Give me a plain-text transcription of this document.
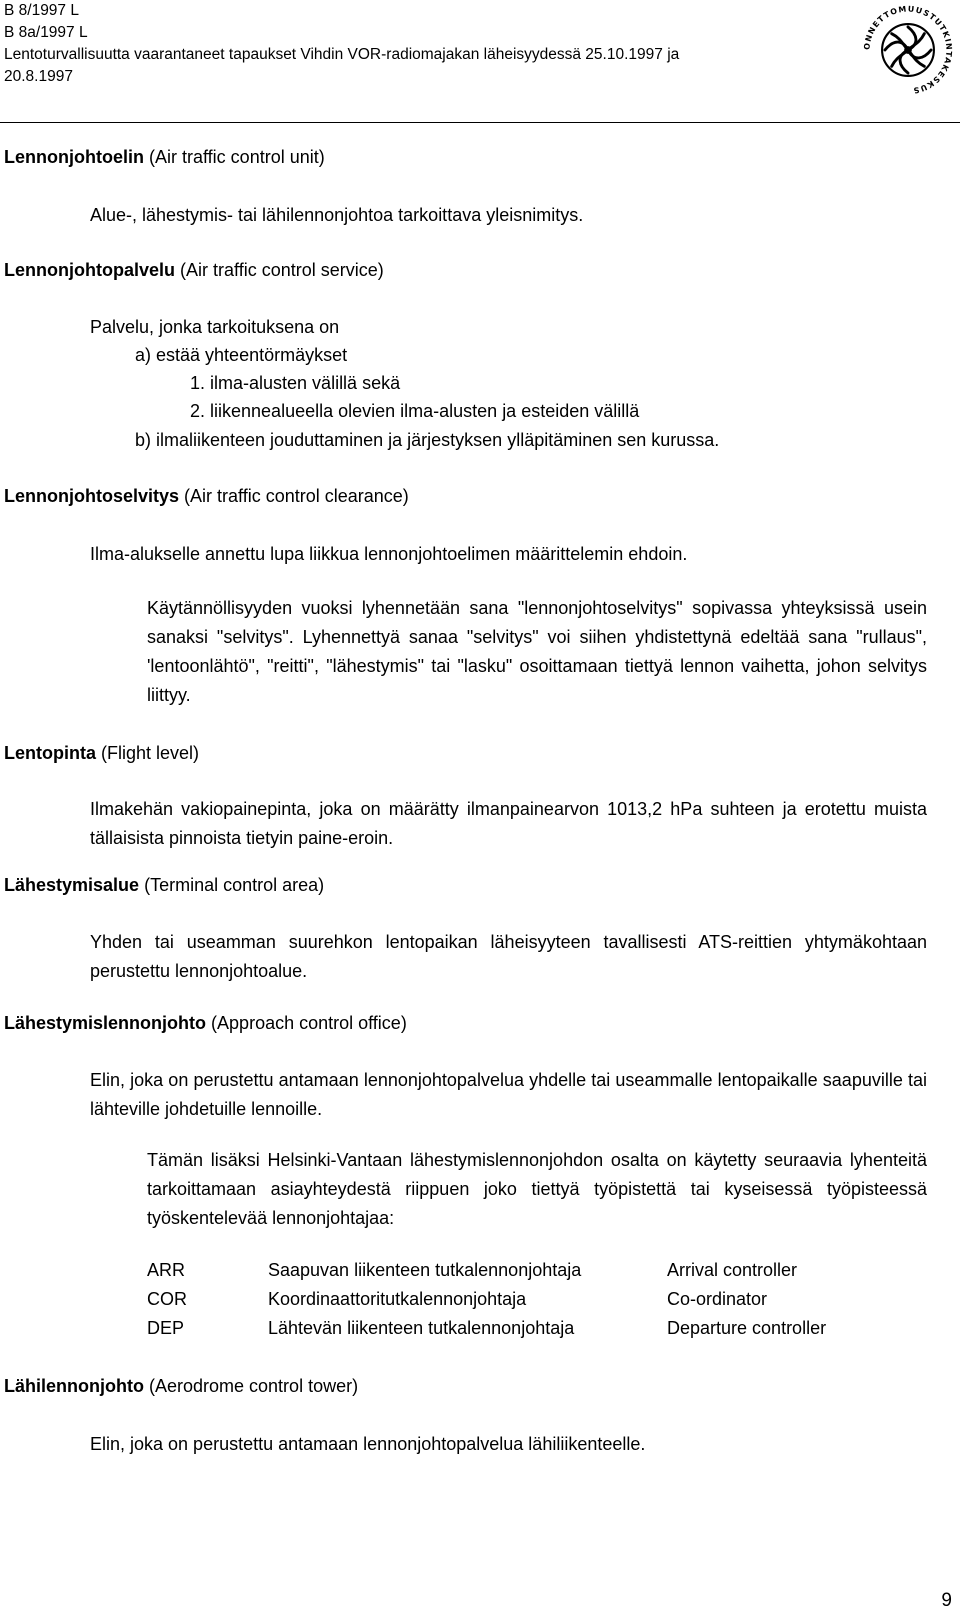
B 8/1997 L
B 8a/1997 L
Lentoturvallisuutta vaarantaneet tapaukset Vihdin VOR-radiomajakan läheisyydessä 25.10.1997 ja
20.8.1997
ONNETTOMUUSTUTKINTAKESKUS
Lennonjohtoelin (Air traffic control unit)
Alue-, lähestymis- tai lähilennonjohtoa tarkoittava yleisnimitys.
Lennonjohtopalvelu (Air traffic control service)
Palvelu, jonka tarkoituksena on
a) estää yhteentörmäykset
1. ilma-alusten välillä sekä
2. liikennealueella olevien ilma-alusten ja esteiden välillä
b) ilmaliikenteen jouduttaminen ja järjestyksen ylläpitäminen sen kurussa.
Lennonjohtoselvitys (Air traffic control clearance)
Ilma-alukselle annettu lupa liikkua lennonjohtoelimen määrittelemin ehdoin.
Käytännöllisyyden vuoksi lyhennetään sana "lennonjohtoselvitys" sopivassa yhteyksissä usein sanaksi "selvitys". Lyhennettyä sanaa "selvitys" voi siihen yhdistettynä edeltää sana "rullaus", 'lentoonlähtö", "reitti", "lähestymis" tai "lasku" osoittamaan tiettyä lennon vaihetta, johon selvitys liittyy.
Lentopinta (Flight level)
Ilmakehän vakiopainepinta, joka on määrätty ilmanpainearvon 1013,2 hPa suhteen ja erotettu muista tällaisista pinnoista tietyin paine-eroin.
Lähestymisalue (Terminal control area)
Yhden tai useamman suurehkon lentopaikan läheisyyteen tavallisesti ATS-reittien yhtymäkohtaan perustettu lennonjohtoalue.
Lähestymislennonjohto (Approach control office)
Elin, joka on perustettu antamaan lennonjohtopalvelua yhdelle tai useammalle lentopaikalle saapuville tai lähteville johdetuille lennoille.
Tämän lisäksi Helsinki-Vantaan lähestymislennonjohdon osalta on käytetty seuraavia lyhenteitä tarkoittamaan asiayhteydestä riippuen joko tiettyä työpistettä tai kyseisessä työpisteessä työskentelevää lennonjohtajaa:
ARR	Saapuvan liikenteen tutkalennonjohtaja	Arrival controller
COR	Koordinaattoritutkalennonjohtaja	Co-ordinator
DEP	Lähtevän liikenteen tutkalennonjohtaja	Departure controller
Lähilennonjohto (Aerodrome control tower)
Elin, joka on perustettu antamaan lennonjohtopalvelua lähiliikenteelle.
9
